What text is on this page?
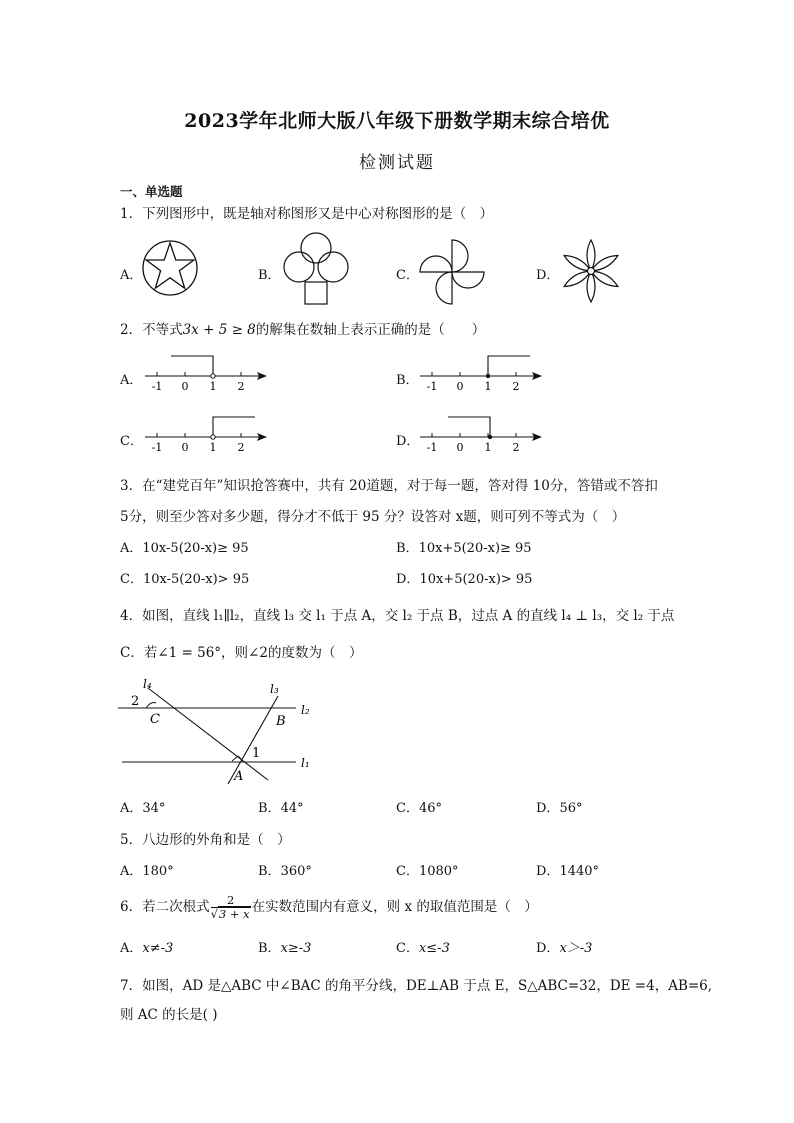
2023学年北师大版八年级下册数学期末综合培优
检测试题
一、单选题
1．下列图形中，既是轴对称图形又是中心对称图形的是（　）
A．	B．	C．	D．
2．不等式3x + 5 ≥ 8的解集在数轴上表示正确的是（　　）
A． -1 0 1 2	B． -1 0 1 2
C． -1 0 1 2	D． -1 0 1 2
3．在“建党百年”知识抢答赛中，共有 20道题，对于每一题，答对得 10分，答错或不答扣
5分，则至少答对多少题，得分才不低于 95 分？设答对 x题，则可列不等式为（　）
A．10x-5(20-x)≥ 95	B．10x+5(20-x)≥ 95
C．10x-5(20-x)> 95	D．10x+5(20-x)> 95
4．如图，直线 l₁∥l₂，直线 l₃ 交 l₁ 于点 A，交 l₂ 于点 B，过点 A 的直线 l₄ ⊥ l₃，交 l₂ 于点
C．若∠1 = 56°，则∠2的度数为（　）
l₄	l₃
l₂
l₁
2
C	B
1
A
A．34°	B．44°	C．46°	D．56°
5．八边形的外角和是（　）
A．180°	B．360°	C．1080°	D．1440°
6．若二次根式 $\frac{2}{√3 + x}$ 在实数范围内有意义，则 x 的取值范围是（　）
A．x≠-3	B．x≥-3	C．x≤-3	D．x＞-3
7．如图，AD 是△ABC 中∠BAC 的角平分线，DE⊥AB 于点 E，S△ABC=32，DE =4，AB=6,
则 AC 的长是( )
